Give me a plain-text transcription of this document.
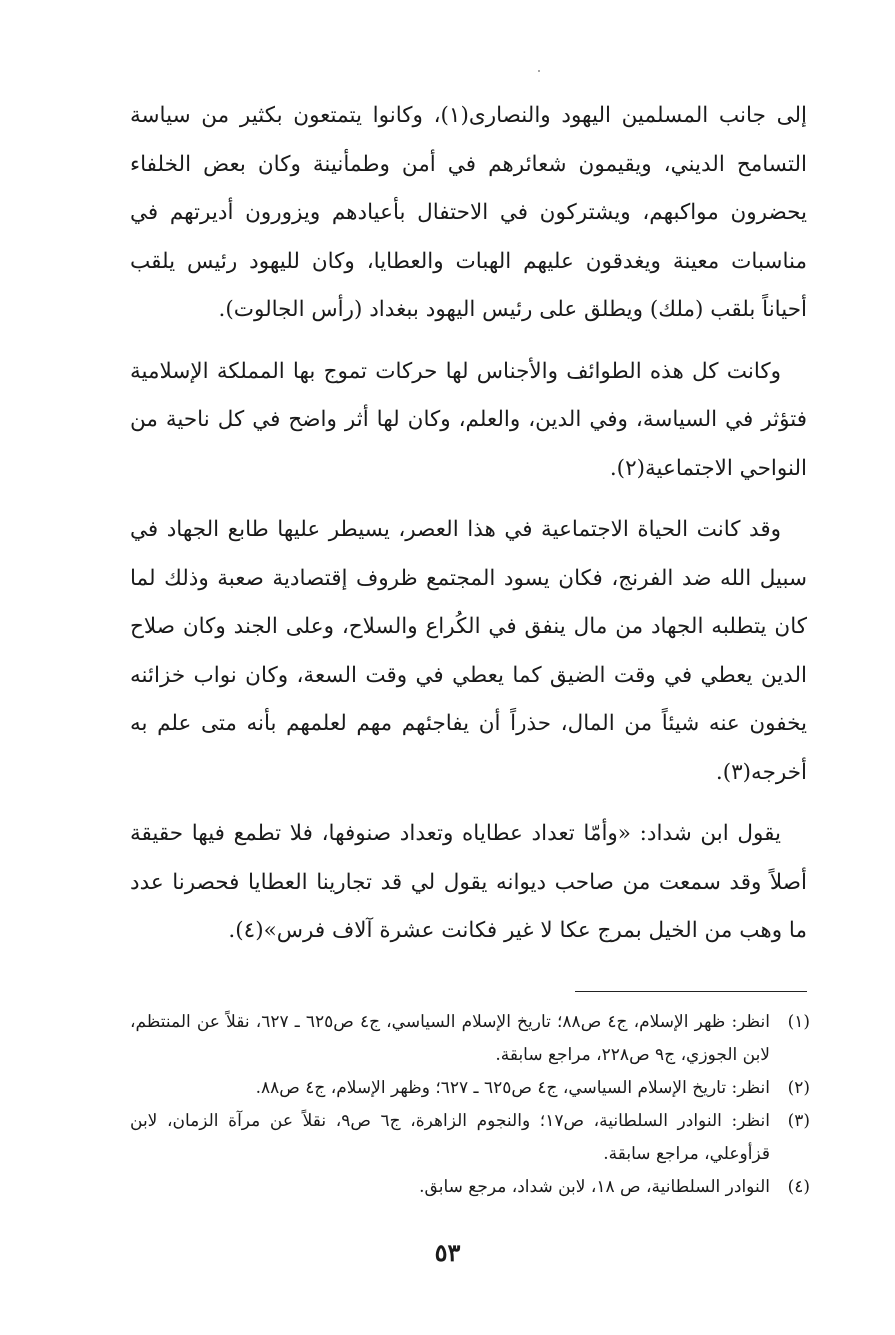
إلى جانب المسلمين اليهود والنصارى(١)، وكانوا يتمتعون بكثير من سياسة التسامح الديني، ويقيمون شعائرهم في أمن وطمأنينة وكان بعض الخلفاء يحضرون مواكبهم، ويشتركون في الاحتفال بأعيادهم ويزورون أديرتهم في مناسبات معينة ويغدقون عليهم الهبات والعطايا، وكان لليهود رئيس يلقب أحياناً بلقب (ملك) ويطلق على رئيس اليهود ببغداد (رأس الجالوت).

وكانت كل هذه الطوائف والأجناس لها حركات تموج بها المملكة الإسلامية فتؤثر في السياسة، وفي الدين، والعلم، وكان لها أثر واضح في كل ناحية من النواحي الاجتماعية(٢).

وقد كانت الحياة الاجتماعية في هذا العصر، يسيطر عليها طابع الجهاد في سبيل الله ضد الفرنج، فكان يسود المجتمع ظروف إقتصادية صعبة وذلك لما كان يتطلبه الجهاد من مال ينفق في الكُراع والسلاح، وعلى الجند وكان صلاح الدين يعطي في وقت الضيق كما يعطي في وقت السعة، وكان نواب خزائنه يخفون عنه شيئاً من المال، حذراً أن يفاجئهم مهم لعلمهم بأنه متى علم به أخرجه(٣).

يقول ابن شداد: «وأمّا تعداد عطاياه وتعداد صنوفها، فلا تطمع فيها حقيقة أصلاً وقد سمعت من صاحب ديوانه يقول لي قد تجارينا العطايا فحصرنا عدد ما وهب من الخيل بمرج عكا لا غير فكانت عشرة آلاف فرس»(٤).

(١)
انظر: ظهر الإسلام، ج٤ ص٨٨؛ تاريخ الإسلام السياسي، ج٤ ص٦٢٥ ـ ٦٢٧، نقلاً عن المنتظم، لابن الجوزي، ج٩ ص٢٢٨، مراجع سابقة.
(٢)
انظر: تاريخ الإسلام السياسي، ج٤ ص٦٢٥ ـ ٦٢٧؛ وظهر الإسلام، ج٤ ص٨٨.
(٣)
انظر: النوادر السلطانية، ص١٧؛ والنجوم الزاهرة، ج٦ ص٩، نقلاً عن مرآة الزمان، لابن قزأوعلي، مراجع سابقة.
(٤)
النوادر السلطانية، ص ١٨، لابن شداد، مرجع سابق.
٥٣
